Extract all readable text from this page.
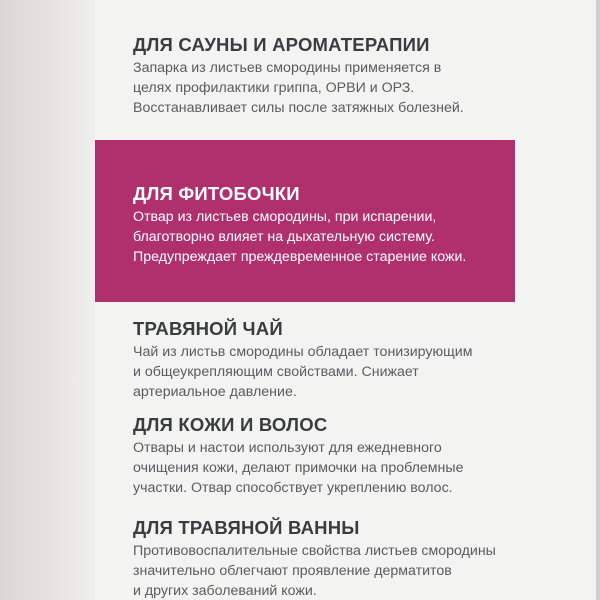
ДЛЯ САУНЫ И АРОМАТЕРАПИИ
Запарка из листьев смородины применяется в
целях профилактики гриппа, ОРВИ и ОРЗ.
Восстанавливает силы после затяжных болезней.
ДЛЯ ФИТОБОЧКИ
Отвар из листьев смородины, при испарении,
благотворно влияет на дыхательную систему.
Предупреждает преждевременное старение кожи.
ТРАВЯНОЙ ЧАЙ
Чай из листьв смородины обладает тонизирующим
и общеукрепляющим свойствами. Снижает
артериальное давление.
ДЛЯ КОЖИ И ВОЛОС
Отвары и настои используют для ежедневного
очищения кожи, делают примочки на проблемные
участки. Отвар способствует укреплению волос.
ДЛЯ ТРАВЯНОЙ ВАННЫ
Противовоспалительные свойства листьев смородины
значительно облегчают проявление дерматитов
и других заболеваний кожи.
